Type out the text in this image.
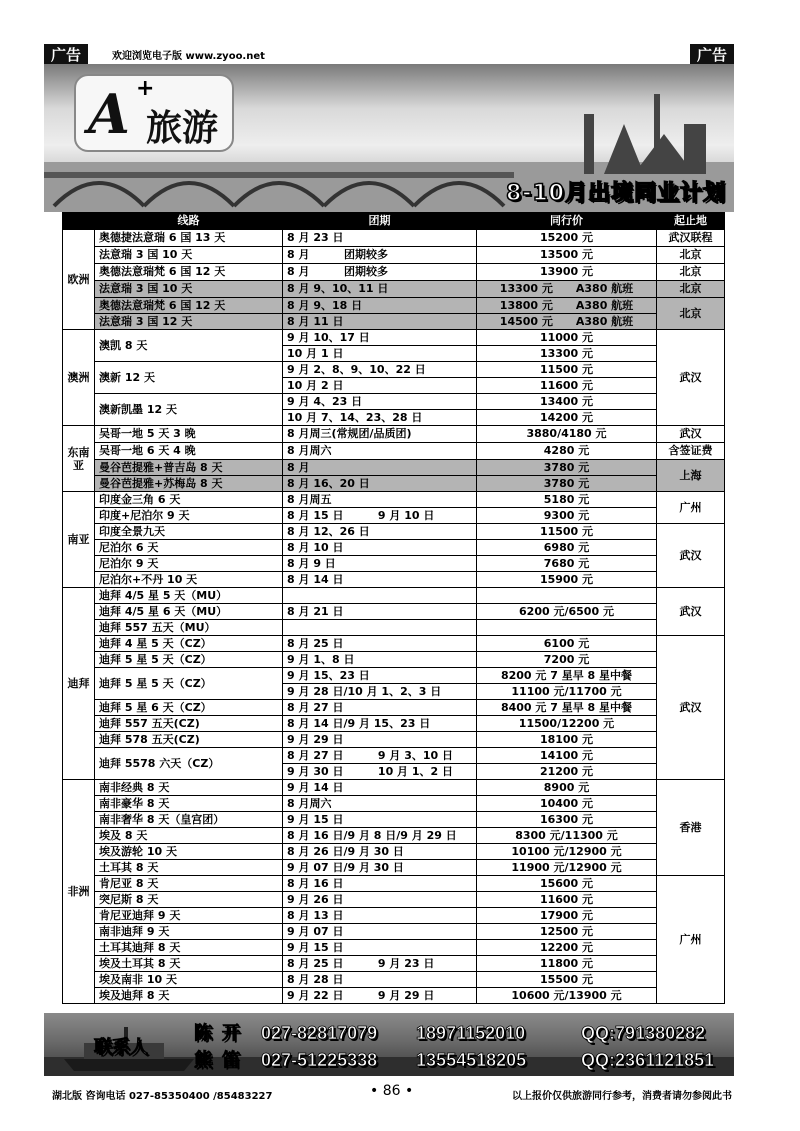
广告	欢迎浏览电子版 www.zyoo.net	广告
A +
旅游
8-10月出境同业计划
	线路	团期	同行价	起止地
欧洲	奥德捷法意瑞 6 国 13 天	8 月 23 日	15200 元	武汉联程
	法意瑞 3 国 10 天	8 月         团期较多	13500 元	北京
	奥德法意瑞梵 6 国 12 天	8 月         团期较多	13900 元	北京
	法意瑞 3 国 10 天	8 月 9、10、11 日	13300 元      A380 航班	北京
	奥德法意瑞梵 6 国 12 天	8 月 9、18 日	13800 元      A380 航班	北京
	法意瑞 3 国 12 天	8 月 11 日	14500 元      A380 航班	
澳洲	澳凯 8 天	9 月 10、17 日	11000 元	武汉
		10 月 1 日	13300 元	
	澳新 12 天	9 月 2、8、9、10、22 日	11500 元	
		10 月 2 日	11600 元	
	澳新凯墨 12 天	9 月 4、23 日	13400 元	
		10 月 7、14、23、28 日	14200 元	
东南亚	吴哥一地 5 天 3 晚	8 月周三(常规团/品质团)	3880/4180 元	武汉
	吴哥一地 6 天 4 晚	8 月周六	4280 元	含签证费
	曼谷芭提雅+普吉岛 8 天	8 月	3780 元	上海
	曼谷芭提雅+苏梅岛 8 天	8 月 16、20 日	3780 元	
南亚	印度金三角 6 天	8 月周五	5180 元	广州
	印度+尼泊尔 9 天	8 月 15 日         9 月 10 日	9300 元	
	印度全景九天	8 月 12、26 日	11500 元	武汉
	尼泊尔 6 天	8 月 10 日	6980 元	
	尼泊尔 9 天	8 月 9 日	7680 元	
	尼泊尔+不丹 10 天	8 月 14 日	15900 元	
迪拜	迪拜 4/5 星 5 天（MU）			武汉
	迪拜 4/5 星 6 天（MU）	8 月 21 日	6200 元/6500 元	
	迪拜 557 五天（MU）			
	迪拜 4 星 5 天（CZ）	8 月 25 日	6100 元	武汉
	迪拜 5 星 5 天（CZ）	9 月 1、8 日	7200 元	
	迪拜 5 星 5 天（CZ）	9 月 15、23 日	8200 元 7 星早 8 星中餐	
		9 月 28 日/10 月 1、2、3 日	11100 元/11700 元	
	迪拜 5 星 6 天（CZ）	8 月 27 日	8400 元 7 星早 8 星中餐	
	迪拜 557 五天(CZ)	8 月 14 日/9 月 15、23 日	11500/12200 元	
	迪拜 578 五天(CZ)	9 月 29 日	18100 元	
	迪拜 5578 六天（CZ）	8 月 27 日         9 月 3、10 日	14100 元	
		9 月 30 日         10 月 1、2 日	21200 元	
非洲	南非经典 8 天	9 月 14 日	8900 元	香港
	南非豪华 8 天	8 月周六	10400 元	
	南非奢华 8 天（皇宫团）	9 月 15 日	16300 元	
	埃及 8 天	8 月 16 日/9 月 8 日/9 月 29 日	8300 元/11300 元	
	埃及游轮 10 天	8 月 26 日/9 月 30 日	10100 元/12900 元	
	土耳其 8 天	9 月 07 日/9 月 30 日	11900 元/12900 元	
	肯尼亚 8 天	8 月 16 日	15600 元	广州
	突尼斯 8 天	9 月 26 日	11600 元	
	肯尼亚迪拜 9 天	8 月 13 日	17900 元	
	南非迪拜 9 天	9 月 07 日	12500 元	
	土耳其迪拜 8 天	9 月 15 日	12200 元	
	埃及土耳其 8 天	8 月 25 日         9 月 23 日	11800 元	
	埃及南非 10 天	8 月 28 日	15500 元	
	埃及迪拜 8 天	9 月 22 日         9 月 29 日	10600 元/13900 元	
联系人
陈开 027-82817079 18971152010	QQ:791380282
熊笛 027-51225338 13554518205	QQ:2361121851
湖北版 咨询电话 027-85350400 /85483227	• 86 •	以上报价仅供旅游同行参考，消费者请勿参阅此书
